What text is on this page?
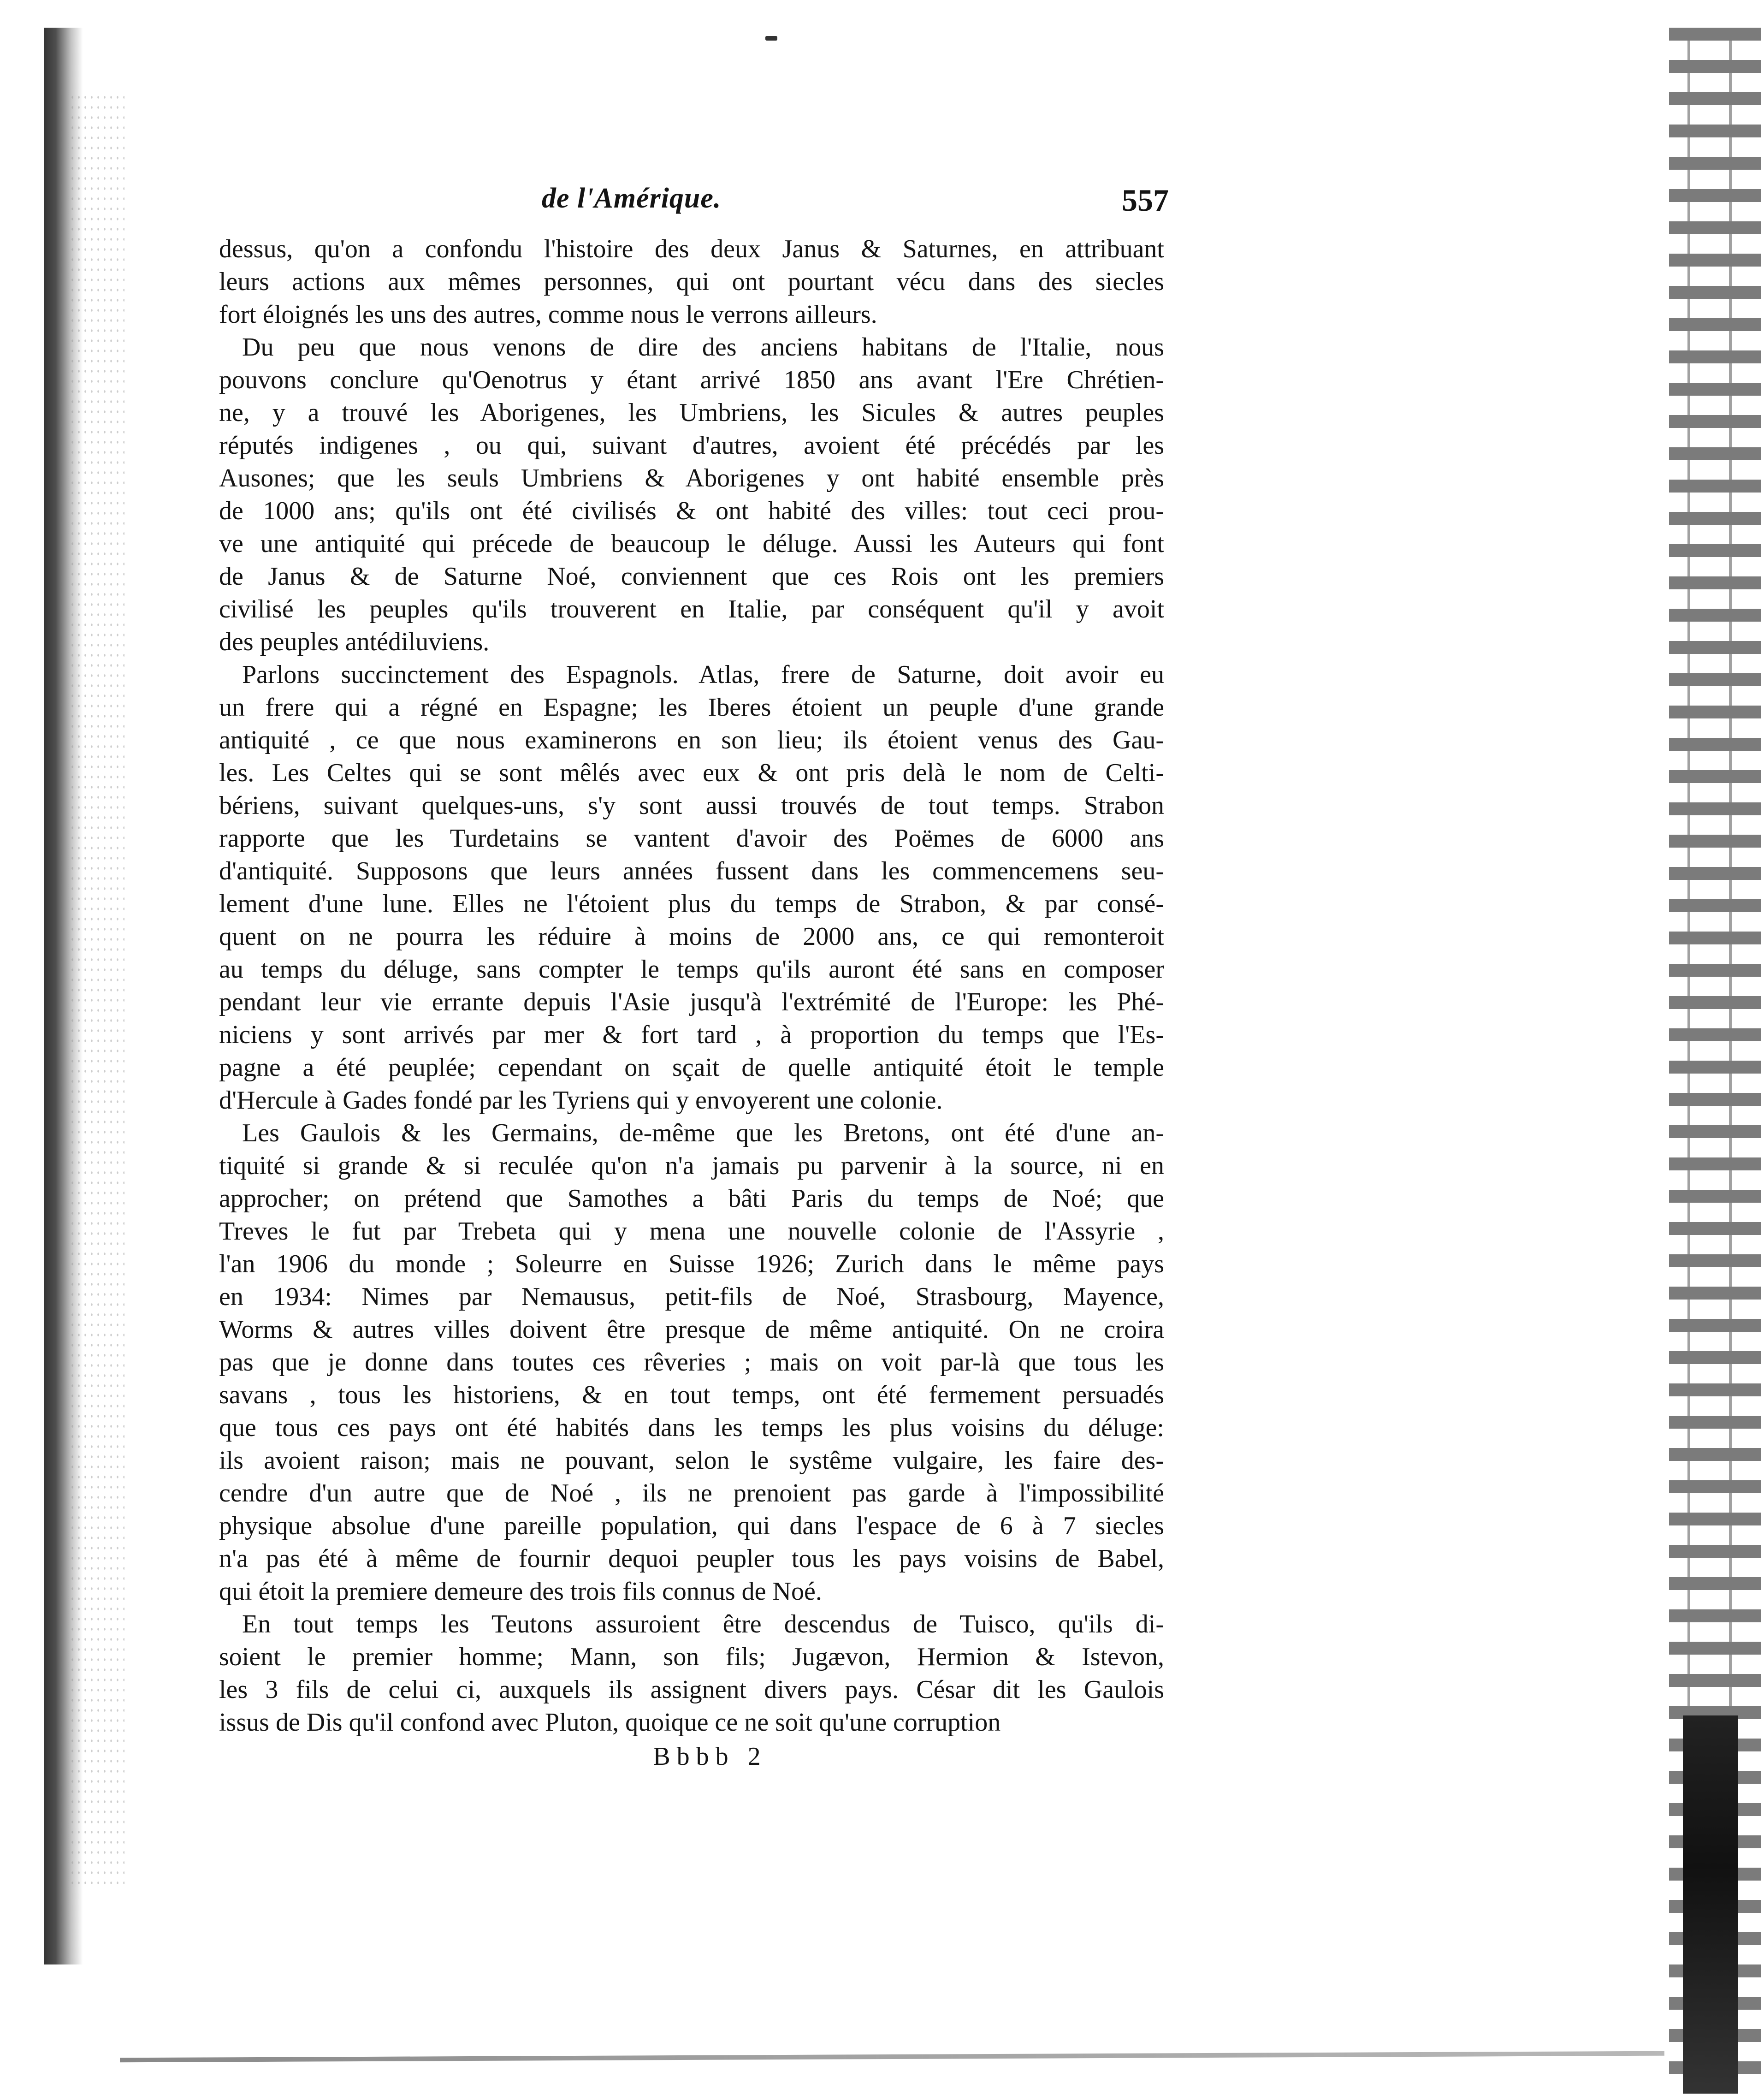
de l'Amérique.	557
dessus, qu'on a confondu l'histoire des deux Janus & Saturnes, en attribuant
leurs actions aux mêmes personnes, qui ont pourtant vécu dans des siecles
fort éloignés les uns des autres, comme nous le verrons ailleurs.
Du peu que nous venons de dire des anciens habitans de l'Italie, nous
pouvons conclure qu'Oenotrus y étant arrivé 1850 ans avant l'Ere Chrétien-
ne, y a trouvé les Aborigenes, les Umbriens, les Sicules & autres peuples
réputés indigenes , ou qui, suivant d'autres, avoient été précédés par les
Ausones; que les seuls Umbriens & Aborigenes y ont habité ensemble près
de 1000 ans; qu'ils ont été civilisés & ont habité des villes: tout ceci prou-
ve une antiquité qui précede de beaucoup le déluge. Aussi les Auteurs qui font
de Janus & de Saturne Noé, conviennent que ces Rois ont les premiers
civilisé les peuples qu'ils trouverent en Italie, par conséquent qu'il y avoit
des peuples antédiluviens.
Parlons succinctement des Espagnols. Atlas, frere de Saturne, doit avoir eu
un frere qui a régné en Espagne; les Iberes étoient un peuple d'une grande
antiquité , ce que nous examinerons en son lieu; ils étoient venus des Gau-
les. Les Celtes qui se sont mêlés avec eux & ont pris delà le nom de Celti-
bériens, suivant quelques-uns, s'y sont aussi trouvés de tout temps. Strabon
rapporte que les Turdetains se vantent d'avoir des Poëmes de 6000 ans
d'antiquité. Supposons que leurs années fussent dans les commencemens seu-
lement d'une lune. Elles ne l'étoient plus du temps de Strabon, & par consé-
quent on ne pourra les réduire à moins de 2000 ans, ce qui remonteroit
au temps du déluge, sans compter le temps qu'ils auront été sans en composer
pendant leur vie errante depuis l'Asie jusqu'à l'extrémité de l'Europe: les Phé-
niciens y sont arrivés par mer & fort tard , à proportion du temps que l'Es-
pagne a été peuplée; cependant on sçait de quelle antiquité étoit le temple
d'Hercule à Gades fondé par les Tyriens qui y envoyerent une colonie.
Les Gaulois & les Germains, de-même que les Bretons, ont été d'une an-
tiquité si grande & si reculée qu'on n'a jamais pu parvenir à la source, ni en
approcher; on prétend que Samothes a bâti Paris du temps de Noé; que
Treves le fut par Trebeta qui y mena une nouvelle colonie de l'Assyrie ,
l'an 1906 du monde ; Soleurre en Suisse 1926; Zurich dans le même pays
en 1934: Nimes par Nemausus, petit-fils de Noé, Strasbourg, Mayence,
Worms & autres villes doivent être presque de même antiquité. On ne croira
pas que je donne dans toutes ces rêveries ; mais on voit par-là que tous les
savans , tous les historiens, & en tout temps, ont été fermement persuadés
que tous ces pays ont été habités dans les temps les plus voisins du déluge:
ils avoient raison; mais ne pouvant, selon le systême vulgaire, les faire des-
cendre d'un autre que de Noé , ils ne prenoient pas garde à l'impossibilité
physique absolue d'une pareille population, qui dans l'espace de 6 à 7 siecles
n'a pas été à même de fournir dequoi peupler tous les pays voisins de Babel,
qui étoit la premiere demeure des trois fils connus de Noé.
En tout temps les Teutons assuroient être descendus de Tuisco, qu'ils di-
soient le premier homme; Mann, son fils; Jugævon, Hermion & Istevon,
les 3 fils de celui ci, auxquels ils assignent divers pays. César dit les Gaulois
issus de Dis qu'il confond avec Pluton, quoique ce ne soit qu'une corruption
Bbbb 2
